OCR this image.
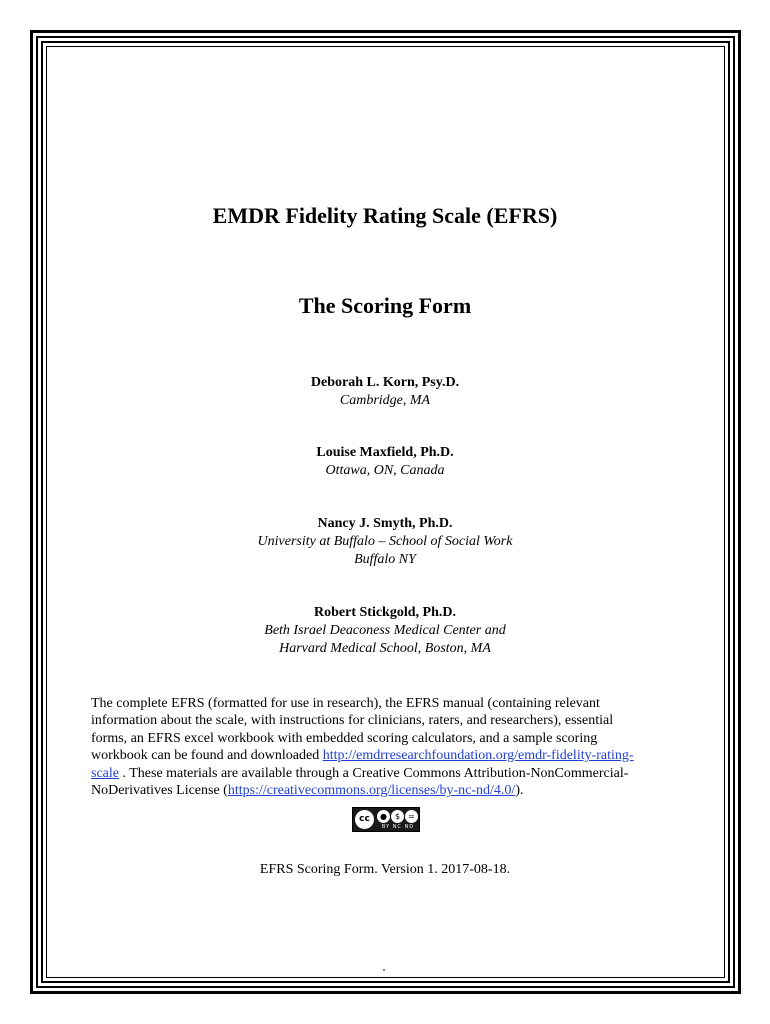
EMDR Fidelity Rating Scale (EFRS)
The Scoring Form
Deborah L. Korn, Psy.D.
Cambridge, MA
Louise Maxfield, Ph.D.
Ottawa, ON, Canada
Nancy J. Smyth, Ph.D.
University at Buffalo – School of Social Work
Buffalo NY
Robert Stickgold, Ph.D.
Beth Israel Deaconess Medical Center and
Harvard Medical School, Boston, MA
The complete EFRS (formatted for use in research), the EFRS manual (containing relevant
information about the scale, with instructions for clinicians, raters, and researchers), essential
forms, an EFRS excel workbook with embedded scoring calculators, and a sample scoring
workbook can be found and downloaded http://emdrresearchfoundation.org/emdr-fidelity-rating-
scale . These materials are available through a Creative Commons Attribution-NonCommercial-
NoDerivatives License (https://creativecommons.org/licenses/by-nc-nd/4.0/).
cc	● $	=
BY NC ND
EFRS Scoring Form. Version 1. 2017-08-18.
